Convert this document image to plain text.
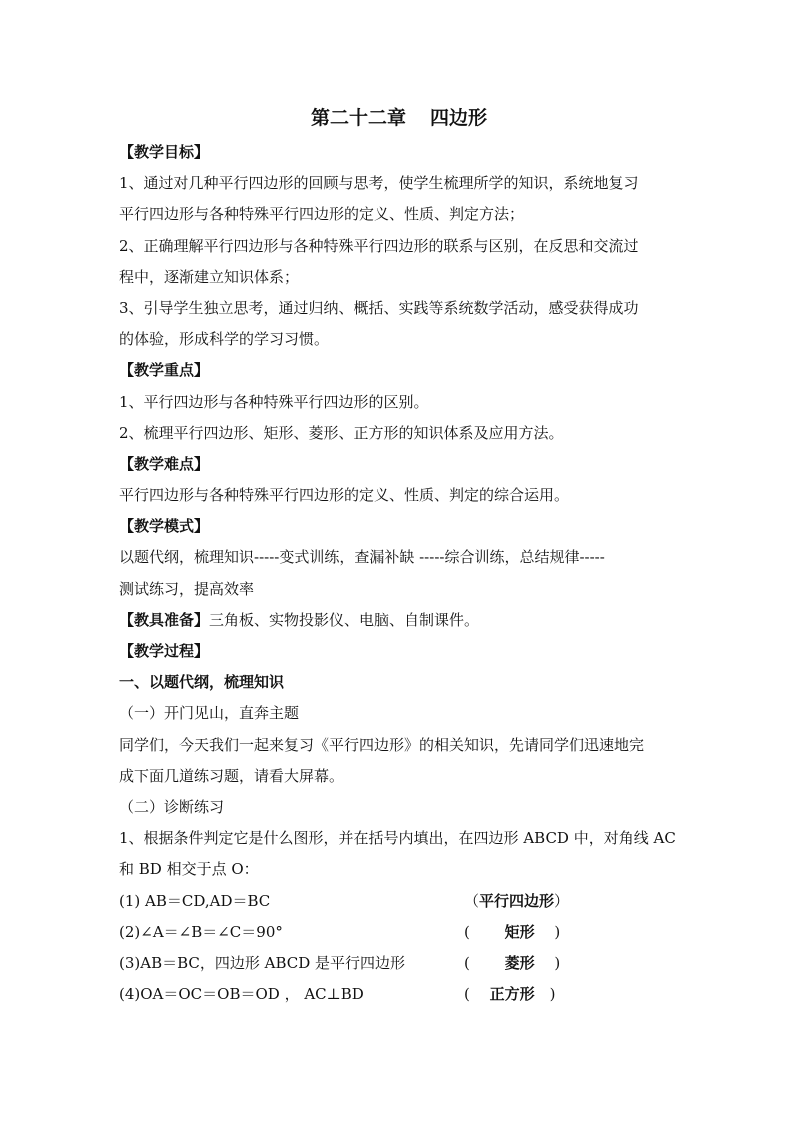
第二十二章 四边形
【教学目标】
1、通过对几种平行四边形的回顾与思考，使学生梳理所学的知识，系统地复习
平行四边形与各种特殊平行四边形的定义、性质、判定方法；
2、正确理解平行四边形与各种特殊平行四边形的联系与区别，在反思和交流过
程中，逐渐建立知识体系；
3、引导学生独立思考，通过归纳、概括、实践等系统数学活动，感受获得成功
的体验，形成科学的学习习惯。
【教学重点】
1、平行四边形与各种特殊平行四边形的区别。
2、梳理平行四边形、矩形、菱形、正方形的知识体系及应用方法。
【教学难点】
平行四边形与各种特殊平行四边形的定义、性质、判定的综合运用。
【教学模式】
以题代纲，梳理知识-----变式训练，查漏补缺 -----综合训练，总结规律-----
测试练习，提高效率
【教具准备】三角板、实物投影仪、电脑、自制课件。
【教学过程】
一、以题代纲，梳理知识
（一）开门见山，直奔主题
同学们，今天我们一起来复习《平行四边形》的相关知识，先请同学们迅速地完
成下面几道练习题，请看大屏幕。
（二）诊断练习
1、根据条件判定它是什么图形，并在括号内填出，在四边形 ABCD 中，对角线 AC
和 BD 相交于点 O：
(1) AB＝CD,AD＝BC	（平行四边形）
(2)∠A＝∠B＝∠C＝90°	(　　 矩形　 )
(3)AB＝BC，四边形 ABCD 是平行四边形	(　　 菱形　 )
(4)OA＝OC＝OB＝OD ， AC⊥BD	(　 正方形　)
